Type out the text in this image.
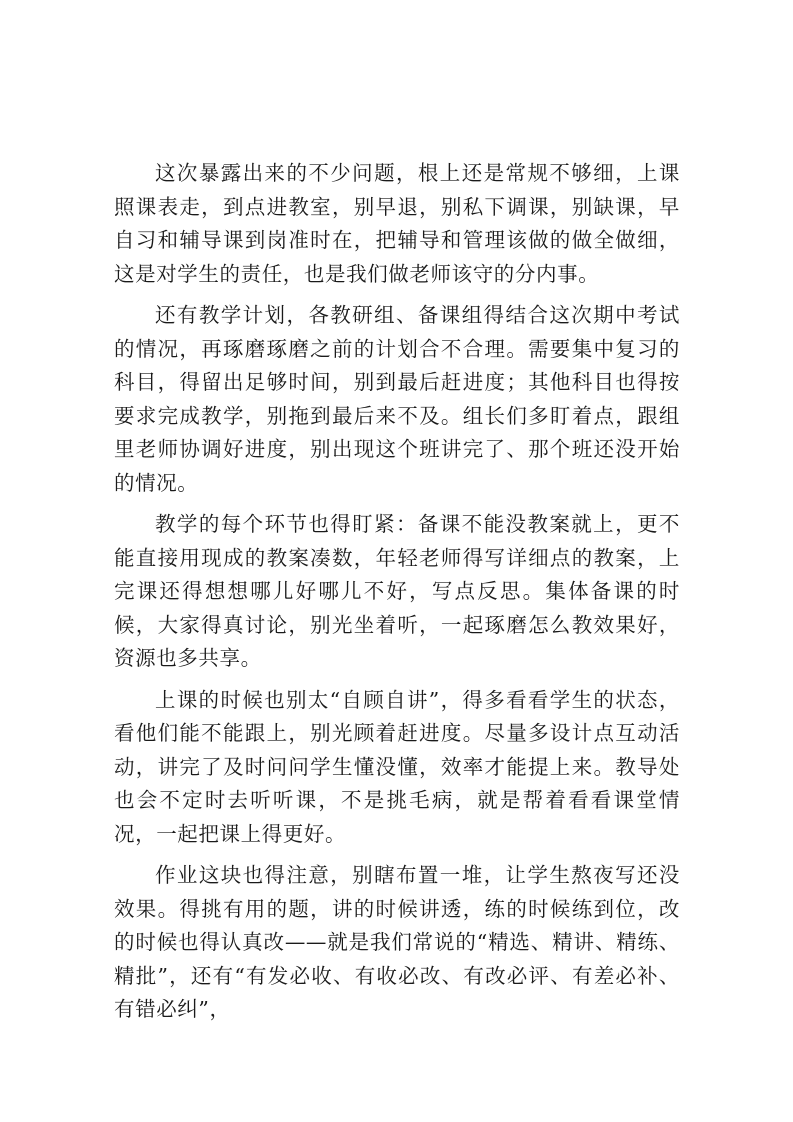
这次暴露出来的不少问题，根上还是常规不够细，上课照课表走，到点进教室，别早退，别私下调课，别缺课，早自习和辅导课到岗准时在，把辅导和管理该做的做全做细，这是对学生的责任，也是我们做老师该守的分内事。

还有教学计划，各教研组、备课组得结合这次期中考试的情况，再琢磨琢磨之前的计划合不合理。需要集中复习的科目，得留出足够时间，别到最后赶进度；其他科目也得按要求完成教学，别拖到最后来不及。组长们多盯着点，跟组里老师协调好进度，别出现这个班讲完了、那个班还没开始的情况。

教学的每个环节也得盯紧：备课不能没教案就上，更不能直接用现成的教案凑数，年轻老师得写详细点的教案，上完课还得想想哪儿好哪儿不好，写点反思。集体备课的时候，大家得真讨论，别光坐着听，一起琢磨怎么教效果好，资源也多共享。

上课的时候也别太“自顾自讲”，得多看看学生的状态，看他们能不能跟上，别光顾着赶进度。尽量多设计点互动活动，讲完了及时问问学生懂没懂，效率才能提上来。教导处也会不定时去听听课，不是挑毛病，就是帮着看看课堂情况，一起把课上得更好。

作业这块也得注意，别瞎布置一堆，让学生熬夜写还没效果。得挑有用的题，讲的时候讲透，练的时候练到位，改的时候也得认真改——就是我们常说的“精选、精讲、精练、精批”，还有“有发必收、有收必改、有改必评、有差必补、有错必纠”，
